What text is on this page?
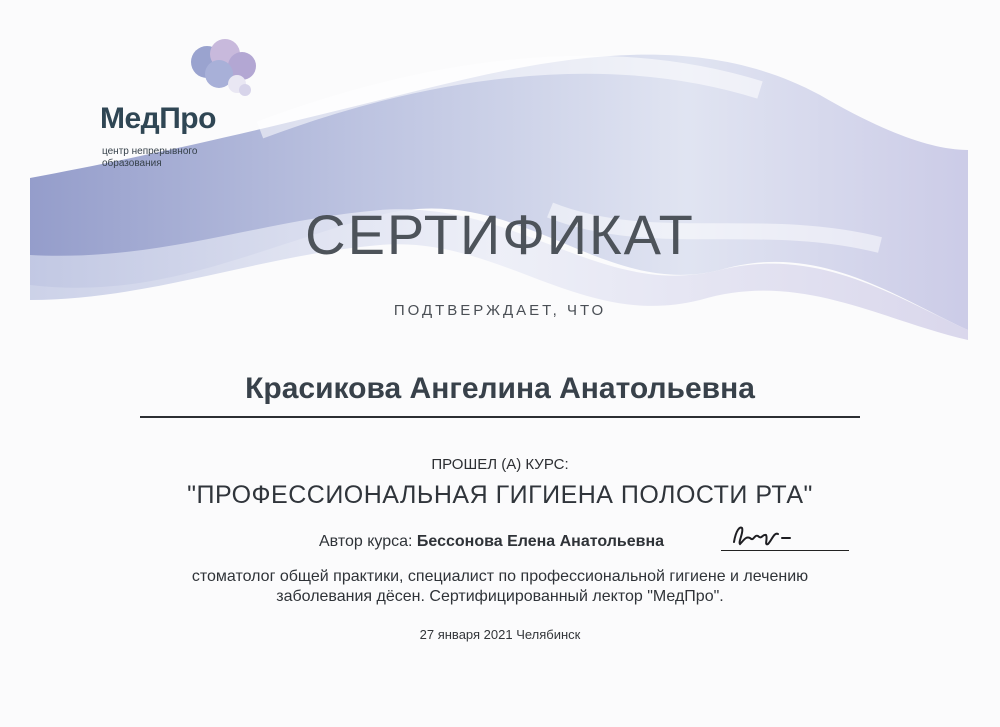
МедПро
центр непрерывного образования
СЕРТИФИКАТ
ПОДТВЕРЖДАЕТ, ЧТО
Красикова Ангелина Анатольевна
ПРОШЕЛ (А) КУРС:
"ПРОФЕССИОНАЛЬНАЯ ГИГИЕНА ПОЛОСТИ РТА"
Автор курса: Бессонова Елена Анатольевна
стоматолог общей практики, специалист по профессиональной гигиене и лечению заболевания дёсен. Сертифицированный лектор "МедПро".
27 января 2021 Челябинск
